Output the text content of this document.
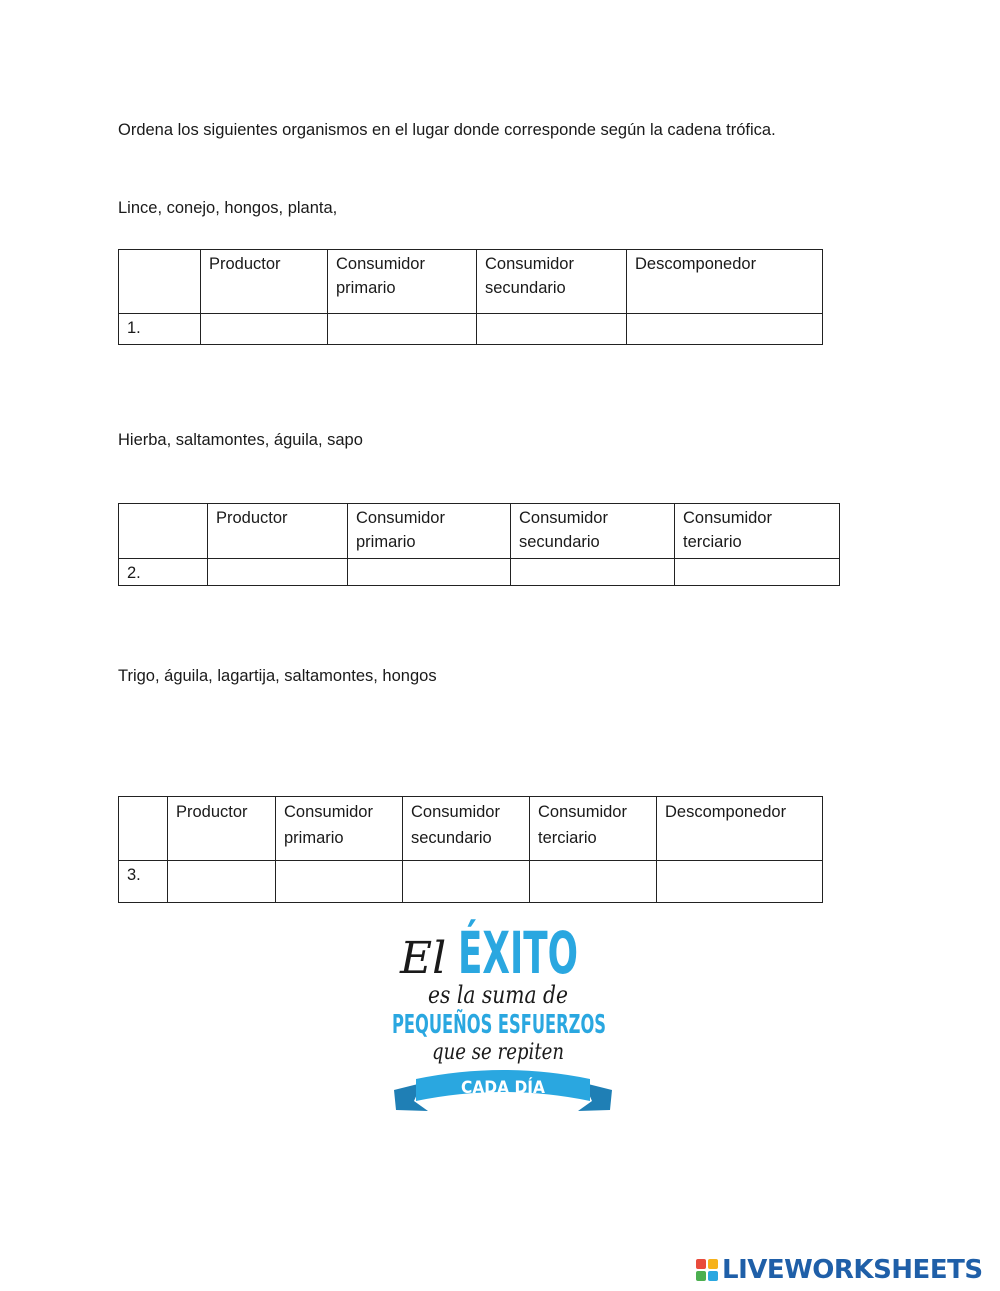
Ordena los siguientes organismos en el lugar donde corresponde según la cadena trófica.
Lince, conejo, hongos, planta,
	Productor	Consumidor primario	Consumidor secundario	Descomponedor
1.				
Hierba, saltamontes, águila, sapo
	Productor	Consumidor primario	Consumidor secundario	Consumidor terciario
2.				
Trigo, águila, lagartija, saltamontes, hongos
	Productor	Consumidor primario	Consumidor secundario	Consumidor terciario	Descomponedor
3.					
El ÉXITO
es la suma de
PEQUEÑOS ESFUERZOS
que se repiten
CADA DÍA
LIVEWORKSHEETS
